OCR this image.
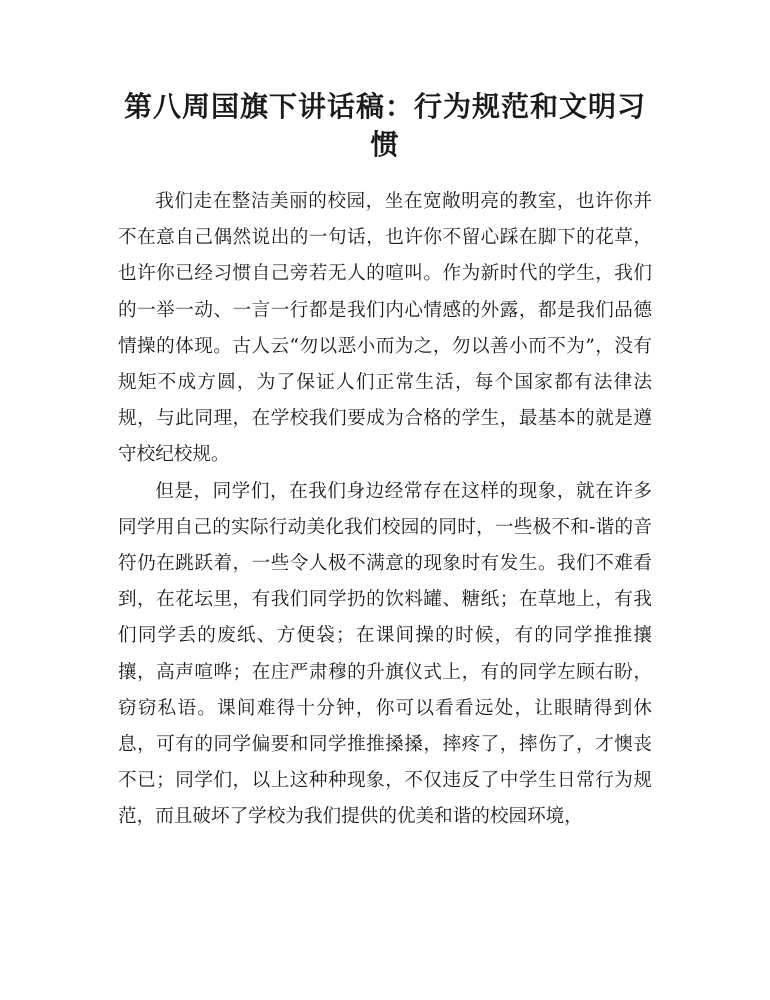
第八周国旗下讲话稿：行为规范和文明习惯

我们走在整洁美丽的校园，坐在宽敞明亮的教室，也许你并不在意自己偶然说出的一句话，也许你不留心踩在脚下的花草，也许你已经习惯自己旁若无人的喧叫。作为新时代的学生，我们的一举一动、一言一行都是我们内心情感的外露，都是我们品德情操的体现。古人云“勿以恶小而为之，勿以善小而不为”，没有规矩不成方圆，为了保证人们正常生活，每个国家都有法律法规，与此同理，在学校我们要成为合格的学生，最基本的就是遵守校纪校规。

但是，同学们，在我们身边经常存在这样的现象，就在许多同学用自己的实际行动美化我们校园的同时，一些极不和-谐的音符仍在跳跃着，一些令人极不满意的现象时有发生。我们不难看到，在花坛里，有我们同学扔的饮料罐、糖纸；在草地上，有我们同学丢的废纸、方便袋；在课间操的时候，有的同学推推攘攘，高声喧哗；在庄严肃穆的升旗仪式上，有的同学左顾右盼，窃窃私语。课间难得十分钟，你可以看看远处，让眼睛得到休息，可有的同学偏要和同学推推搡搡，摔疼了，摔伤了，才懊丧不已；同学们，以上这种种现象，不仅违反了中学生日常行为规范，而且破坏了学校为我们提供的优美和谐的校园环境，
